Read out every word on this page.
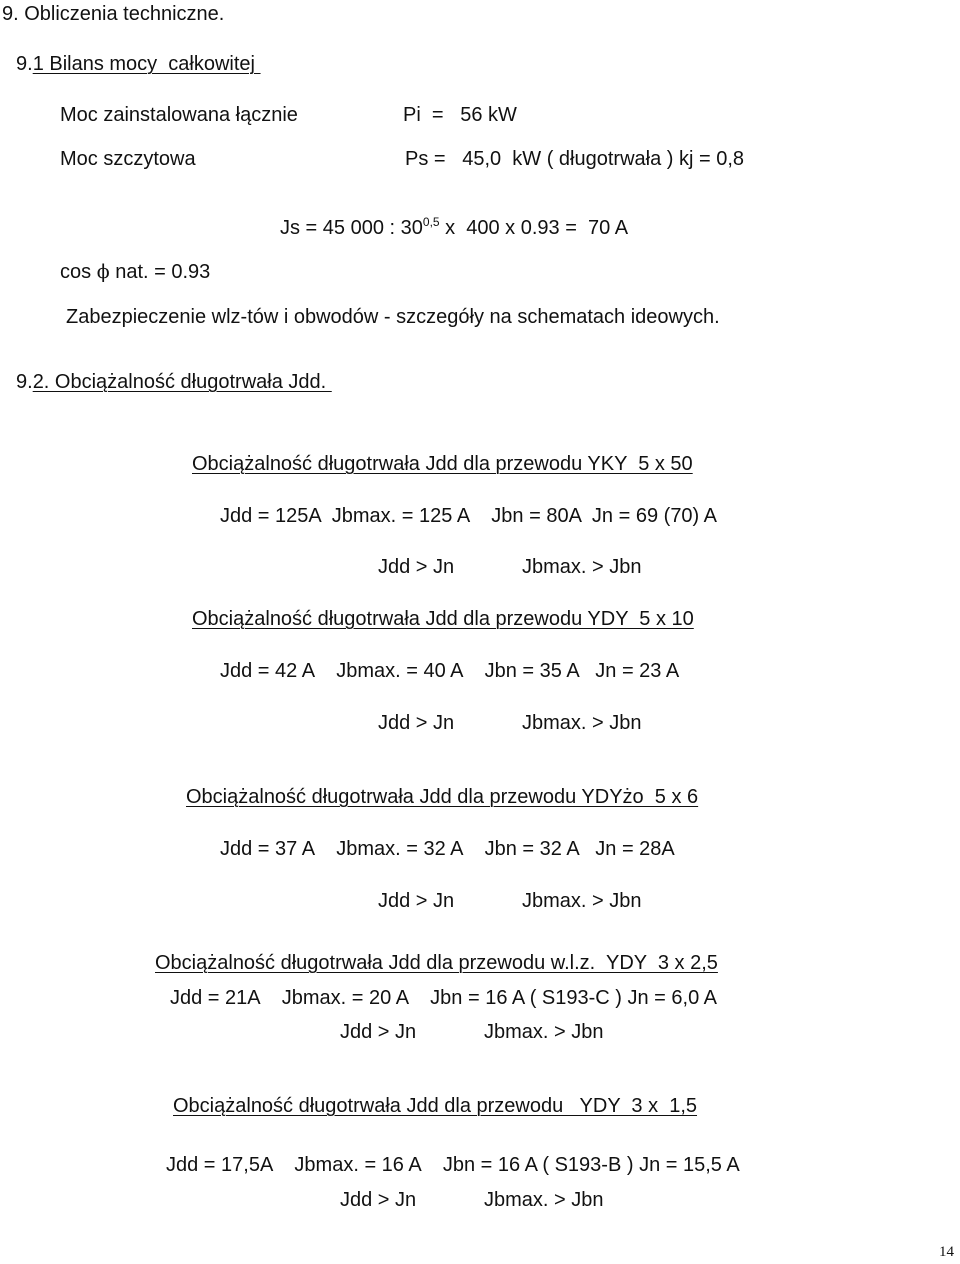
9. Obliczenia techniczne.
9.1 Bilans mocy  całkowitej
Moc zainstalowana łącznie	Pi  =   56 kW
Moc szczytowa	Ps =   45,0  kW ( długotrwała ) kj = 0,8
Js = 45 000 : 30$^{0,5}$ x  400 x 0.93 =  70 A
cos ϕ nat. = 0.93
Zabezpieczenie wlz-tów i obwodów - szczegóły na schematach ideowych.
9.2. Obciążalność długotrwała Jdd.
Obciążalność długotrwała Jdd dla przewodu YKY  5 x 50
Jdd = 125A  Jbmax. = 125 A    Jbn = 80A  Jn = 69 (70) A
Jdd > Jn	Jbmax. > Jbn
Obciążalność długotrwała Jdd dla przewodu YDY  5 x 10
Jdd = 42 A    Jbmax. = 40 A    Jbn = 35 A   Jn = 23 A
Jdd > Jn	Jbmax. > Jbn
Obciążalność długotrwała Jdd dla przewodu YDYżo  5 x 6
Jdd = 37 A    Jbmax. = 32 A    Jbn = 32 A   Jn = 28A
Jdd > Jn	Jbmax. > Jbn
Obciążalność długotrwała Jdd dla przewodu w.l.z.  YDY  3 x 2,5
Jdd = 21A    Jbmax. = 20 A    Jbn = 16 A ( S193-C ) Jn = 6,0 A
Jdd > Jn	Jbmax. > Jbn
Obciążalność długotrwała Jdd dla przewodu   YDY  3 x  1,5
Jdd = 17,5A    Jbmax. = 16 A    Jbn = 16 A ( S193-B ) Jn = 15,5 A
Jdd > Jn	Jbmax. > Jbn
14
